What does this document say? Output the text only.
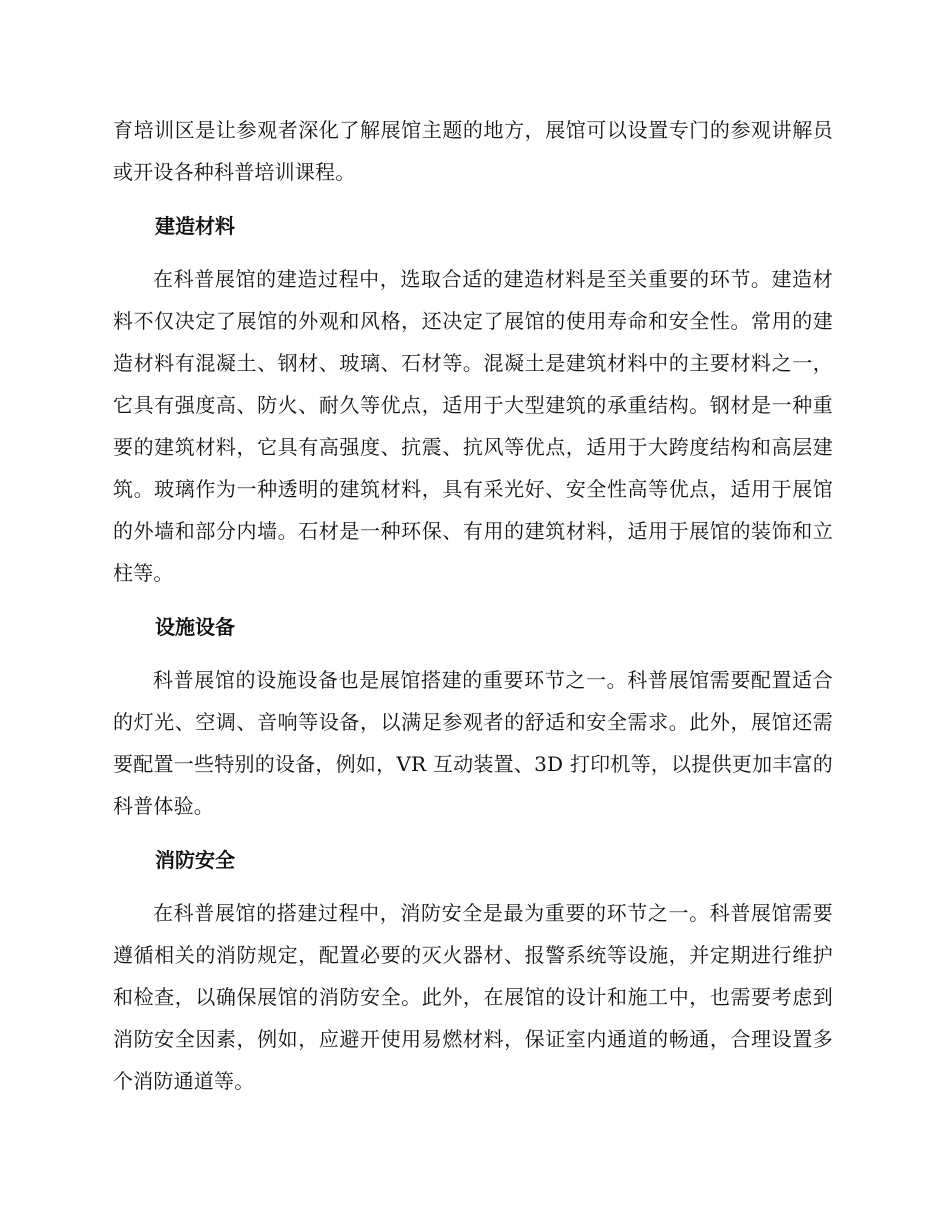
育培训区是让参观者深化了解展馆主题的地方，展馆可以设置专门的参观讲解员或开设各种科普培训课程。

建造材料

在科普展馆的建造过程中，选取合适的建造材料是至关重要的环节。建造材料不仅决定了展馆的外观和风格，还决定了展馆的使用寿命和安全性。常用的建造材料有混凝土、钢材、玻璃、石材等。混凝土是建筑材料中的主要材料之一，它具有强度高、防火、耐久等优点，适用于大型建筑的承重结构。钢材是一种重要的建筑材料，它具有高强度、抗震、抗风等优点，适用于大跨度结构和高层建筑。玻璃作为一种透明的建筑材料，具有采光好、安全性高等优点，适用于展馆的外墙和部分内墙。石材是一种环保、有用的建筑材料，适用于展馆的装饰和立柱等。

设施设备

科普展馆的设施设备也是展馆搭建的重要环节之一。科普展馆需要配置适合的灯光、空调、音响等设备，以满足参观者的舒适和安全需求。此外，展馆还需要配置一些特别的设备，例如，VR 互动装置、3D 打印机等，以提供更加丰富的科普体验。

消防安全

在科普展馆的搭建过程中，消防安全是最为重要的环节之一。科普展馆需要遵循相关的消防规定，配置必要的灭火器材、报警系统等设施，并定期进行维护和检查，以确保展馆的消防安全。此外，在展馆的设计和施工中，也需要考虑到消防安全因素，例如，应避开使用易燃材料，保证室内通道的畅通，合理设置多个消防通道等。
